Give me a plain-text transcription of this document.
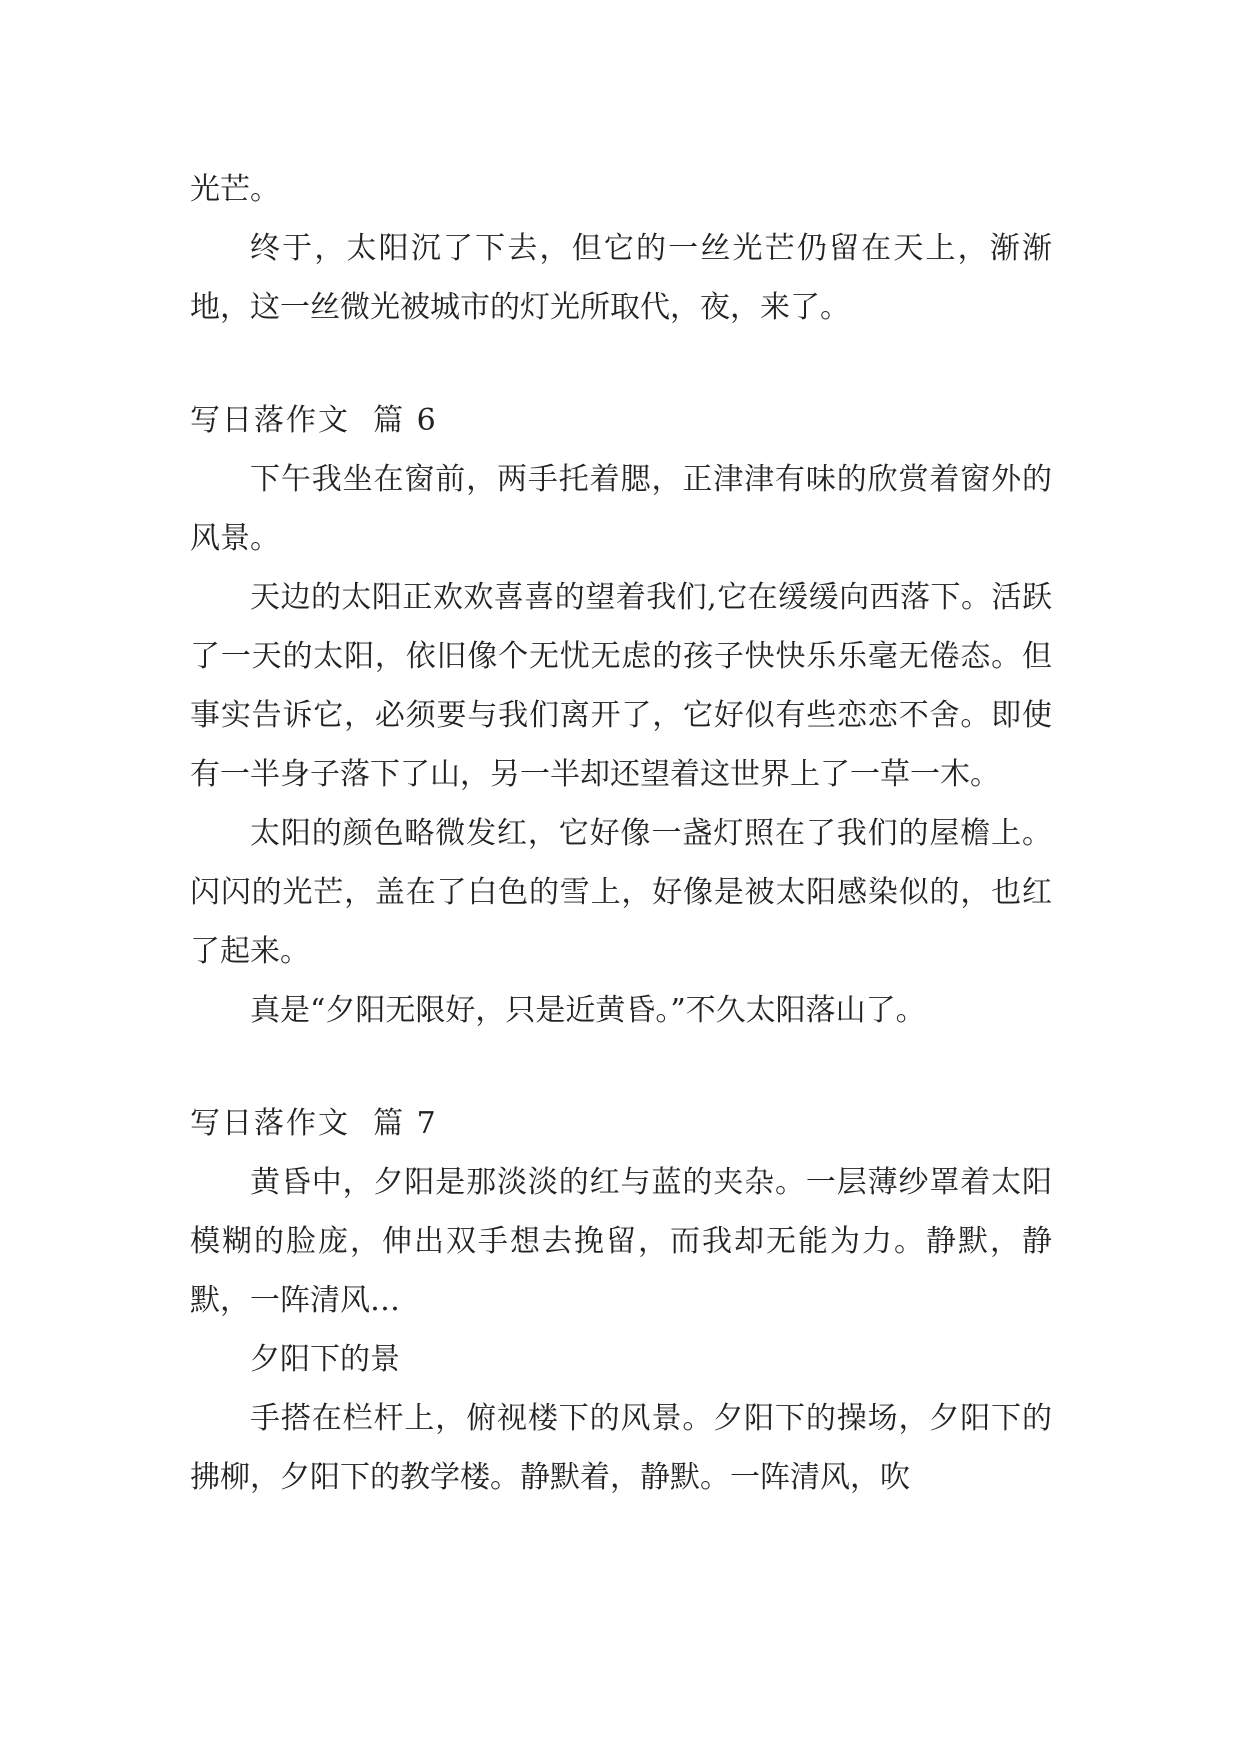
光芒。

终于，太阳沉了下去，但它的一丝光芒仍留在天上，渐渐地，这一丝微光被城市的灯光所取代，夜，来了。

写日落作文  篇 6

下午我坐在窗前，两手托着腮，正津津有味的欣赏着窗外的风景。

天边的太阳正欢欢喜喜的望着我们,它在缓缓向西落下。活跃了一天的太阳，依旧像个无忧无虑的孩子快快乐乐毫无倦态。但事实告诉它，必须要与我们离开了，它好似有些恋恋不舍。即使有一半身子落下了山，另一半却还望着这世界上了一草一木。

太阳的颜色略微发红，它好像一盏灯照在了我们的屋檐上。闪闪的光芒，盖在了白色的雪上，好像是被太阳感染似的，也红了起来。

真是“夕阳无限好，只是近黄昏。”不久太阳落山了。

写日落作文  篇 7

黄昏中，夕阳是那淡淡的红与蓝的夹杂。一层薄纱罩着太阳模糊的脸庞，伸出双手想去挽留，而我却无能为力。静默，静默，一阵清风…

夕阳下的景

手搭在栏杆上，俯视楼下的风景。夕阳下的操场，夕阳下的拂柳，夕阳下的教学楼。静默着，静默。一阵清风，吹
